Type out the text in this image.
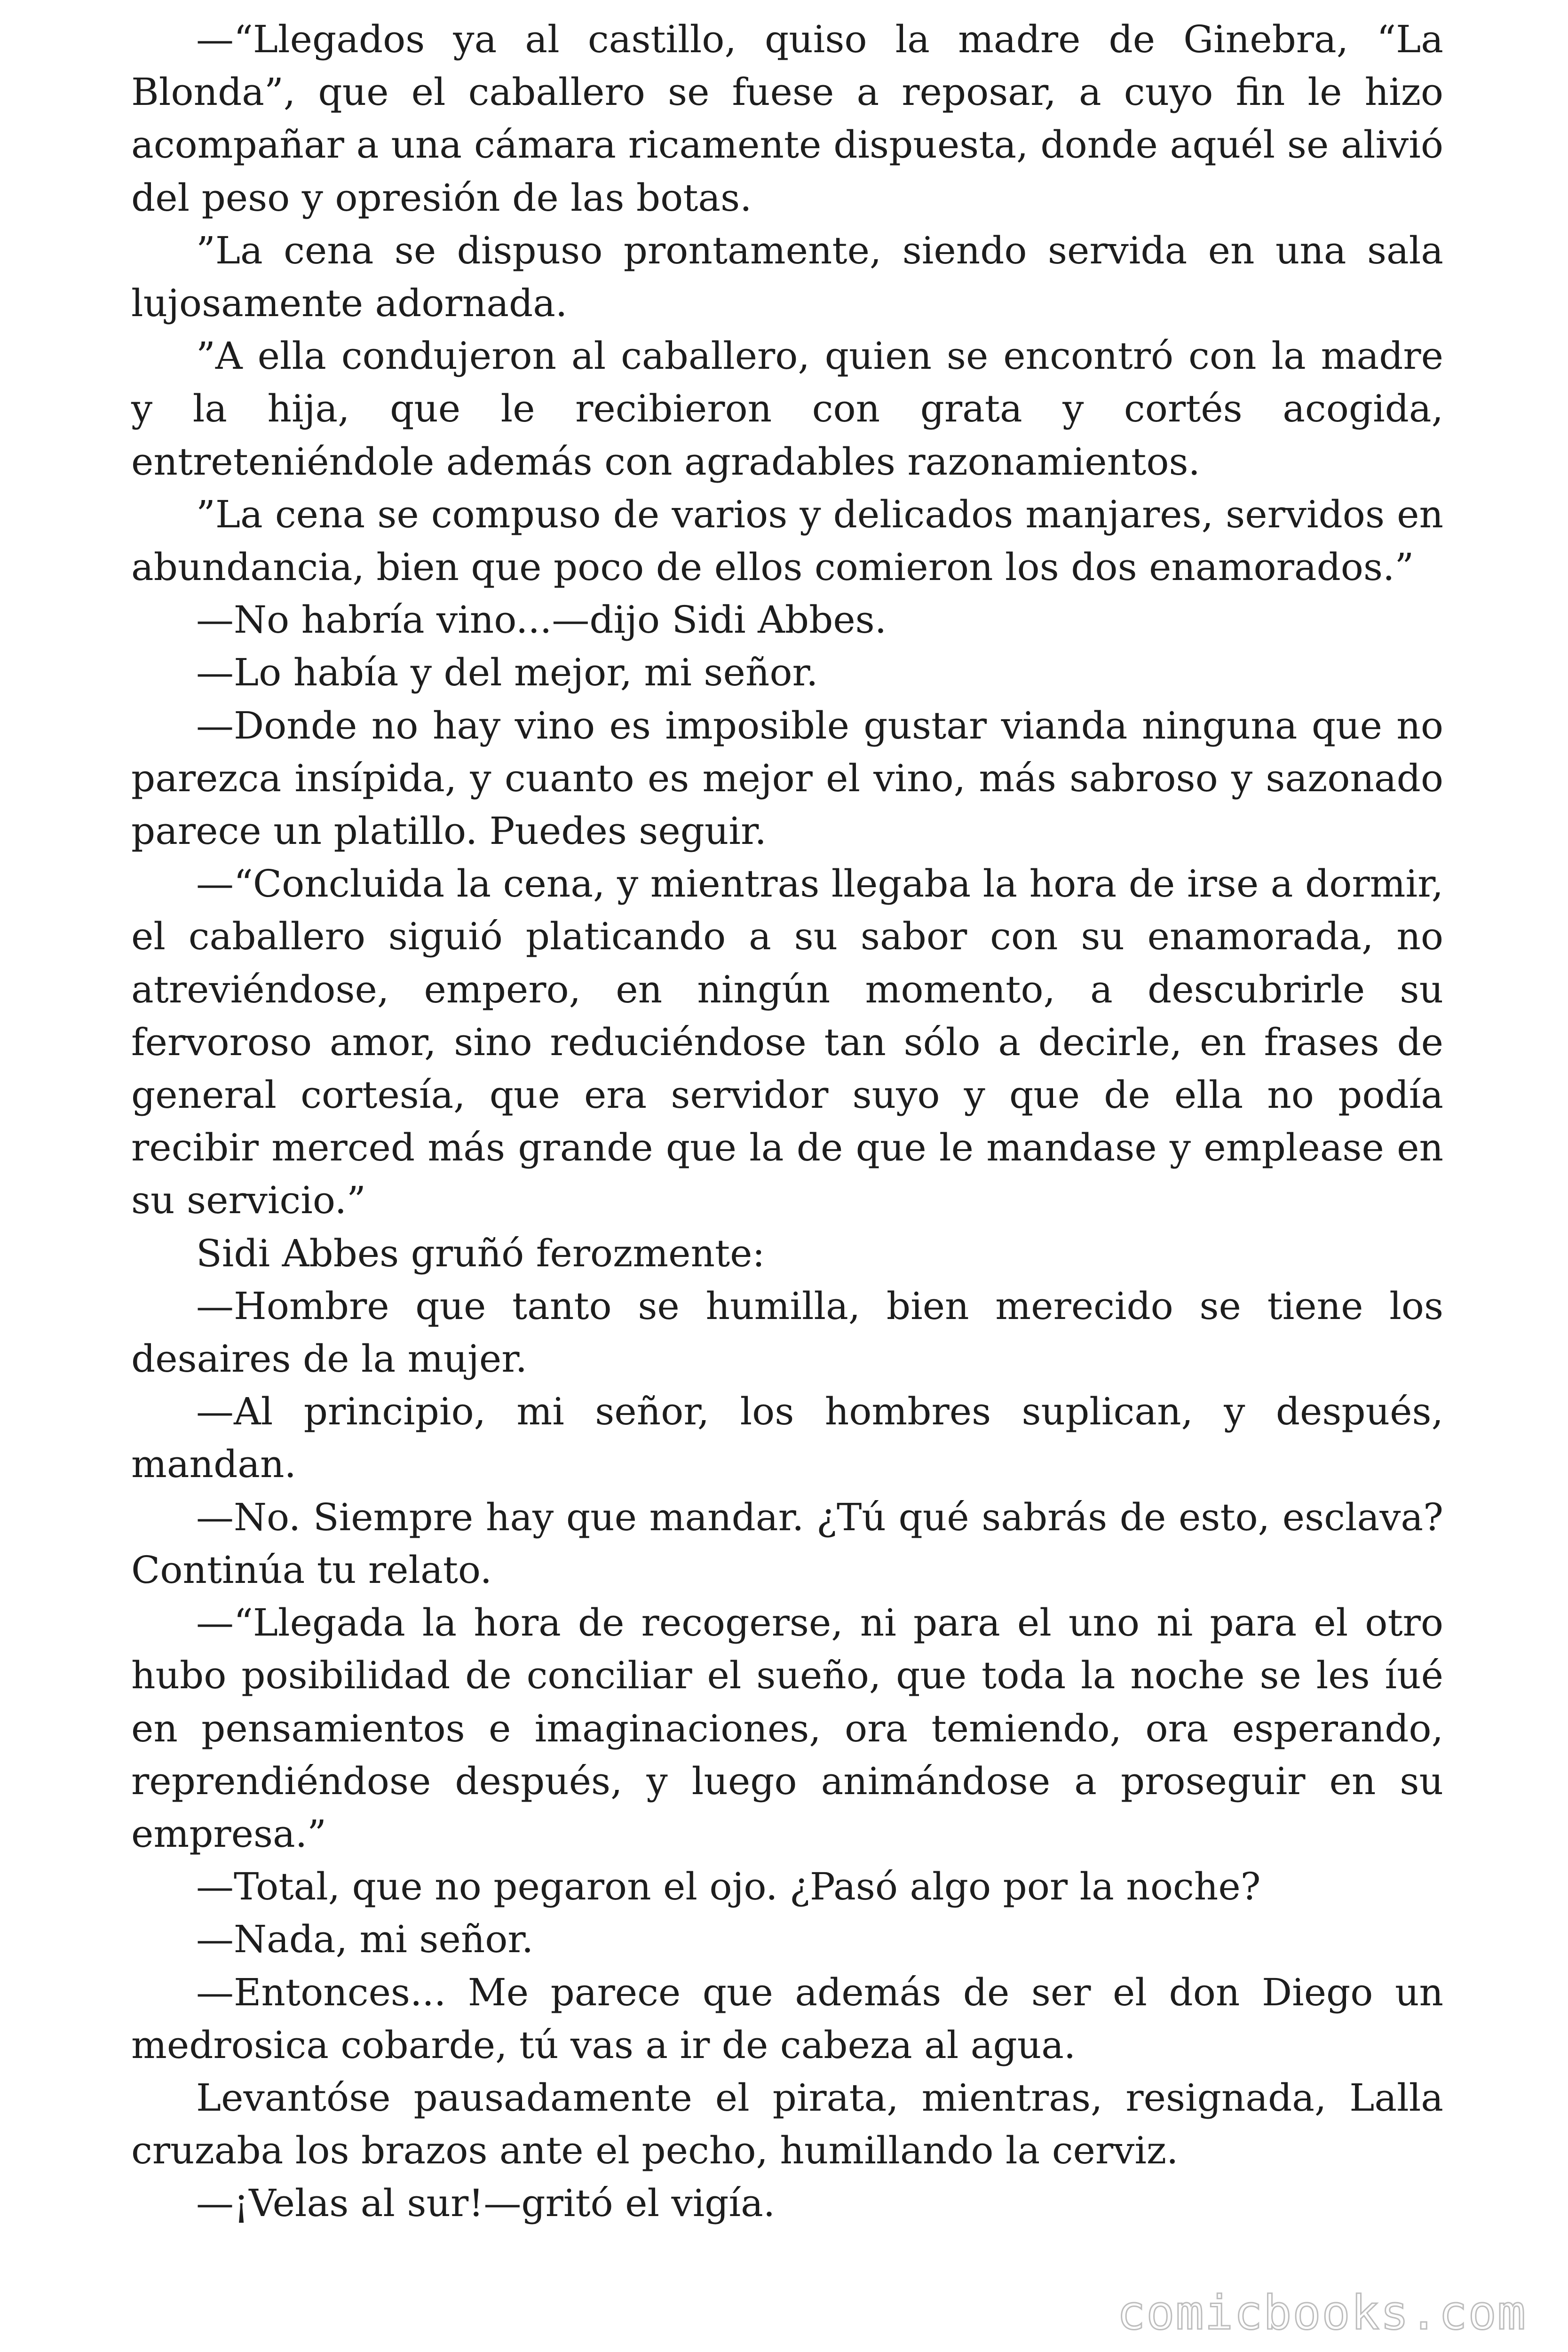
—“Llegados ya al castillo, quiso la madre de Ginebra, “La Blonda”, que el caballero se fuese a reposar, a cuyo fin le hizo acompañar a una cámara ricamente dispuesta, donde aquél se alivió del peso y opresión de las botas.

”La cena se dispuso prontamente, siendo servida en una sala lujosamente adornada.

”A ella condujeron al caballero, quien se encontró con la madre y la hija, que le recibieron con grata y cortés acogida, entreteniéndole además con agradables razonamientos.

”La cena se compuso de varios y delicados manjares, servidos en abundancia, bien que poco de ellos comieron los dos enamorados.”

—No habría vino...—dijo Sidi Abbes.

—Lo había y del mejor, mi señor.

—Donde no hay vino es imposible gustar vianda ninguna que no parezca insípida, y cuanto es mejor el vino, más sabroso y sazonado parece un platillo. Puedes seguir.

—“Concluida la cena, y mientras llegaba la hora de irse a dormir, el caballero siguió platicando a su sabor con su enamorada, no atreviéndose, empero, en ningún momento, a descubrirle su fervoroso amor, sino reduciéndose tan sólo a decirle, en frases de general cortesía, que era servidor suyo y que de ella no podía recibir merced más grande que la de que le mandase y emplease en su servicio.”

Sidi Abbes gruñó ferozmente:

—Hombre que tanto se humilla, bien merecido se tiene los desaires de la mujer.

—Al principio, mi señor, los hombres suplican, y después, mandan.

—No. Siempre hay que mandar. ¿Tú qué sabrás de esto, esclava? Continúa tu relato.

—“Llegada la hora de recogerse, ni para el uno ni para el otro hubo posibilidad de conciliar el sueño, que toda la noche se les íué en pensamientos e imaginaciones, ora temiendo, ora esperando, reprendiéndose después, y luego animándose a proseguir en su empresa.”

—Total, que no pegaron el ojo. ¿Pasó algo por la noche?

—Nada, mi señor.

—Entonces... Me parece que además de ser el don Diego un medrosica cobarde, tú vas a ir de cabeza al agua.

Levantóse pausadamente el pirata, mientras, resignada, Lalla cruzaba los brazos ante el pecho, humillando la cerviz.

—¡Velas al sur!—gritó el vigía.

comicbooks.com
